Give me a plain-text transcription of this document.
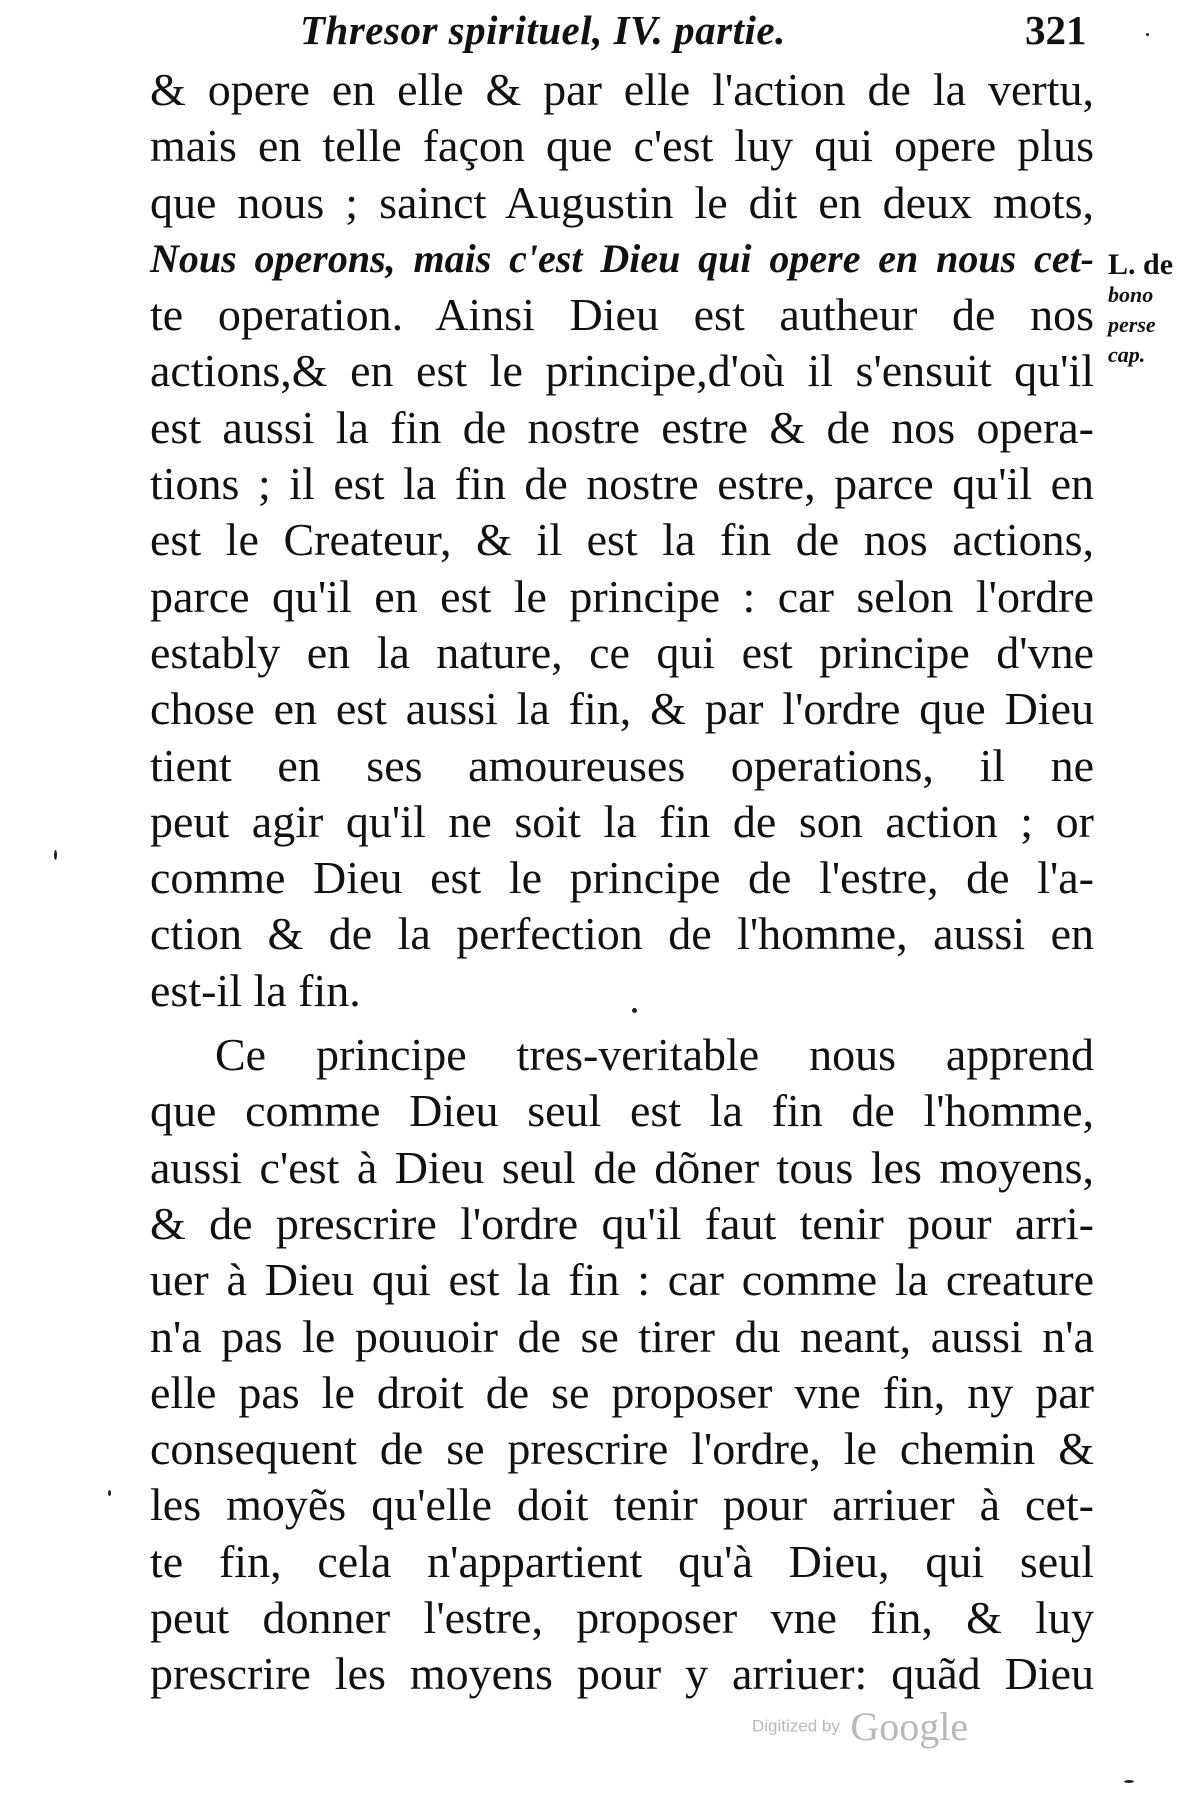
Thresor spirituel, IV. partie.	321
& opere en elle & par elle l'action de la vertu,
mais en telle façon que c'est luy qui opere plus
que nous ; sainct Augustin le dit en deux mots,
Nous operons, mais c'est Dieu qui opere en nous cet-
te operation. Ainsi Dieu est autheur de nos
actions,& en est le principe,d'où il s'ensuit qu'il
est aussi la fin de nostre estre & de nos opera-
tions ; il est la fin de nostre estre, parce qu'il en
est le Createur, & il est la fin de nos actions,
parce qu'il en est le principe : car selon l'ordre
estably en la nature, ce qui est principe d'vne
chose en est aussi la fin, & par l'ordre que Dieu
tient en ses amoureuses operations, il ne
peut agir qu'il ne soit la fin de son action ; or
comme Dieu est le principe de l'estre, de l'a-
ction & de la perfection de l'homme, aussi en
est-il la fin.
Ce principe tres-veritable nous apprend
que comme Dieu seul est la fin de l'homme,
aussi c'est à Dieu seul de dõner tous les moyens,
& de prescrire l'ordre qu'il faut tenir pour arri-
uer à Dieu qui est la fin : car comme la creature
n'a pas le pouuoir de se tirer du neant, aussi n'a
elle pas le droit de se proposer vne fin, ny par
consequent de se prescrire l'ordre, le chemin &
les moyẽs qu'elle doit tenir pour arriuer à cet-
te fin, cela n'appartient qu'à Dieu, qui seul
peut donner l'estre, proposer vne fin, & luy
prescrire les moyens pour y arriuer: quãd Dieu
L. de
bono
perse
cap.
Digitized by Google
